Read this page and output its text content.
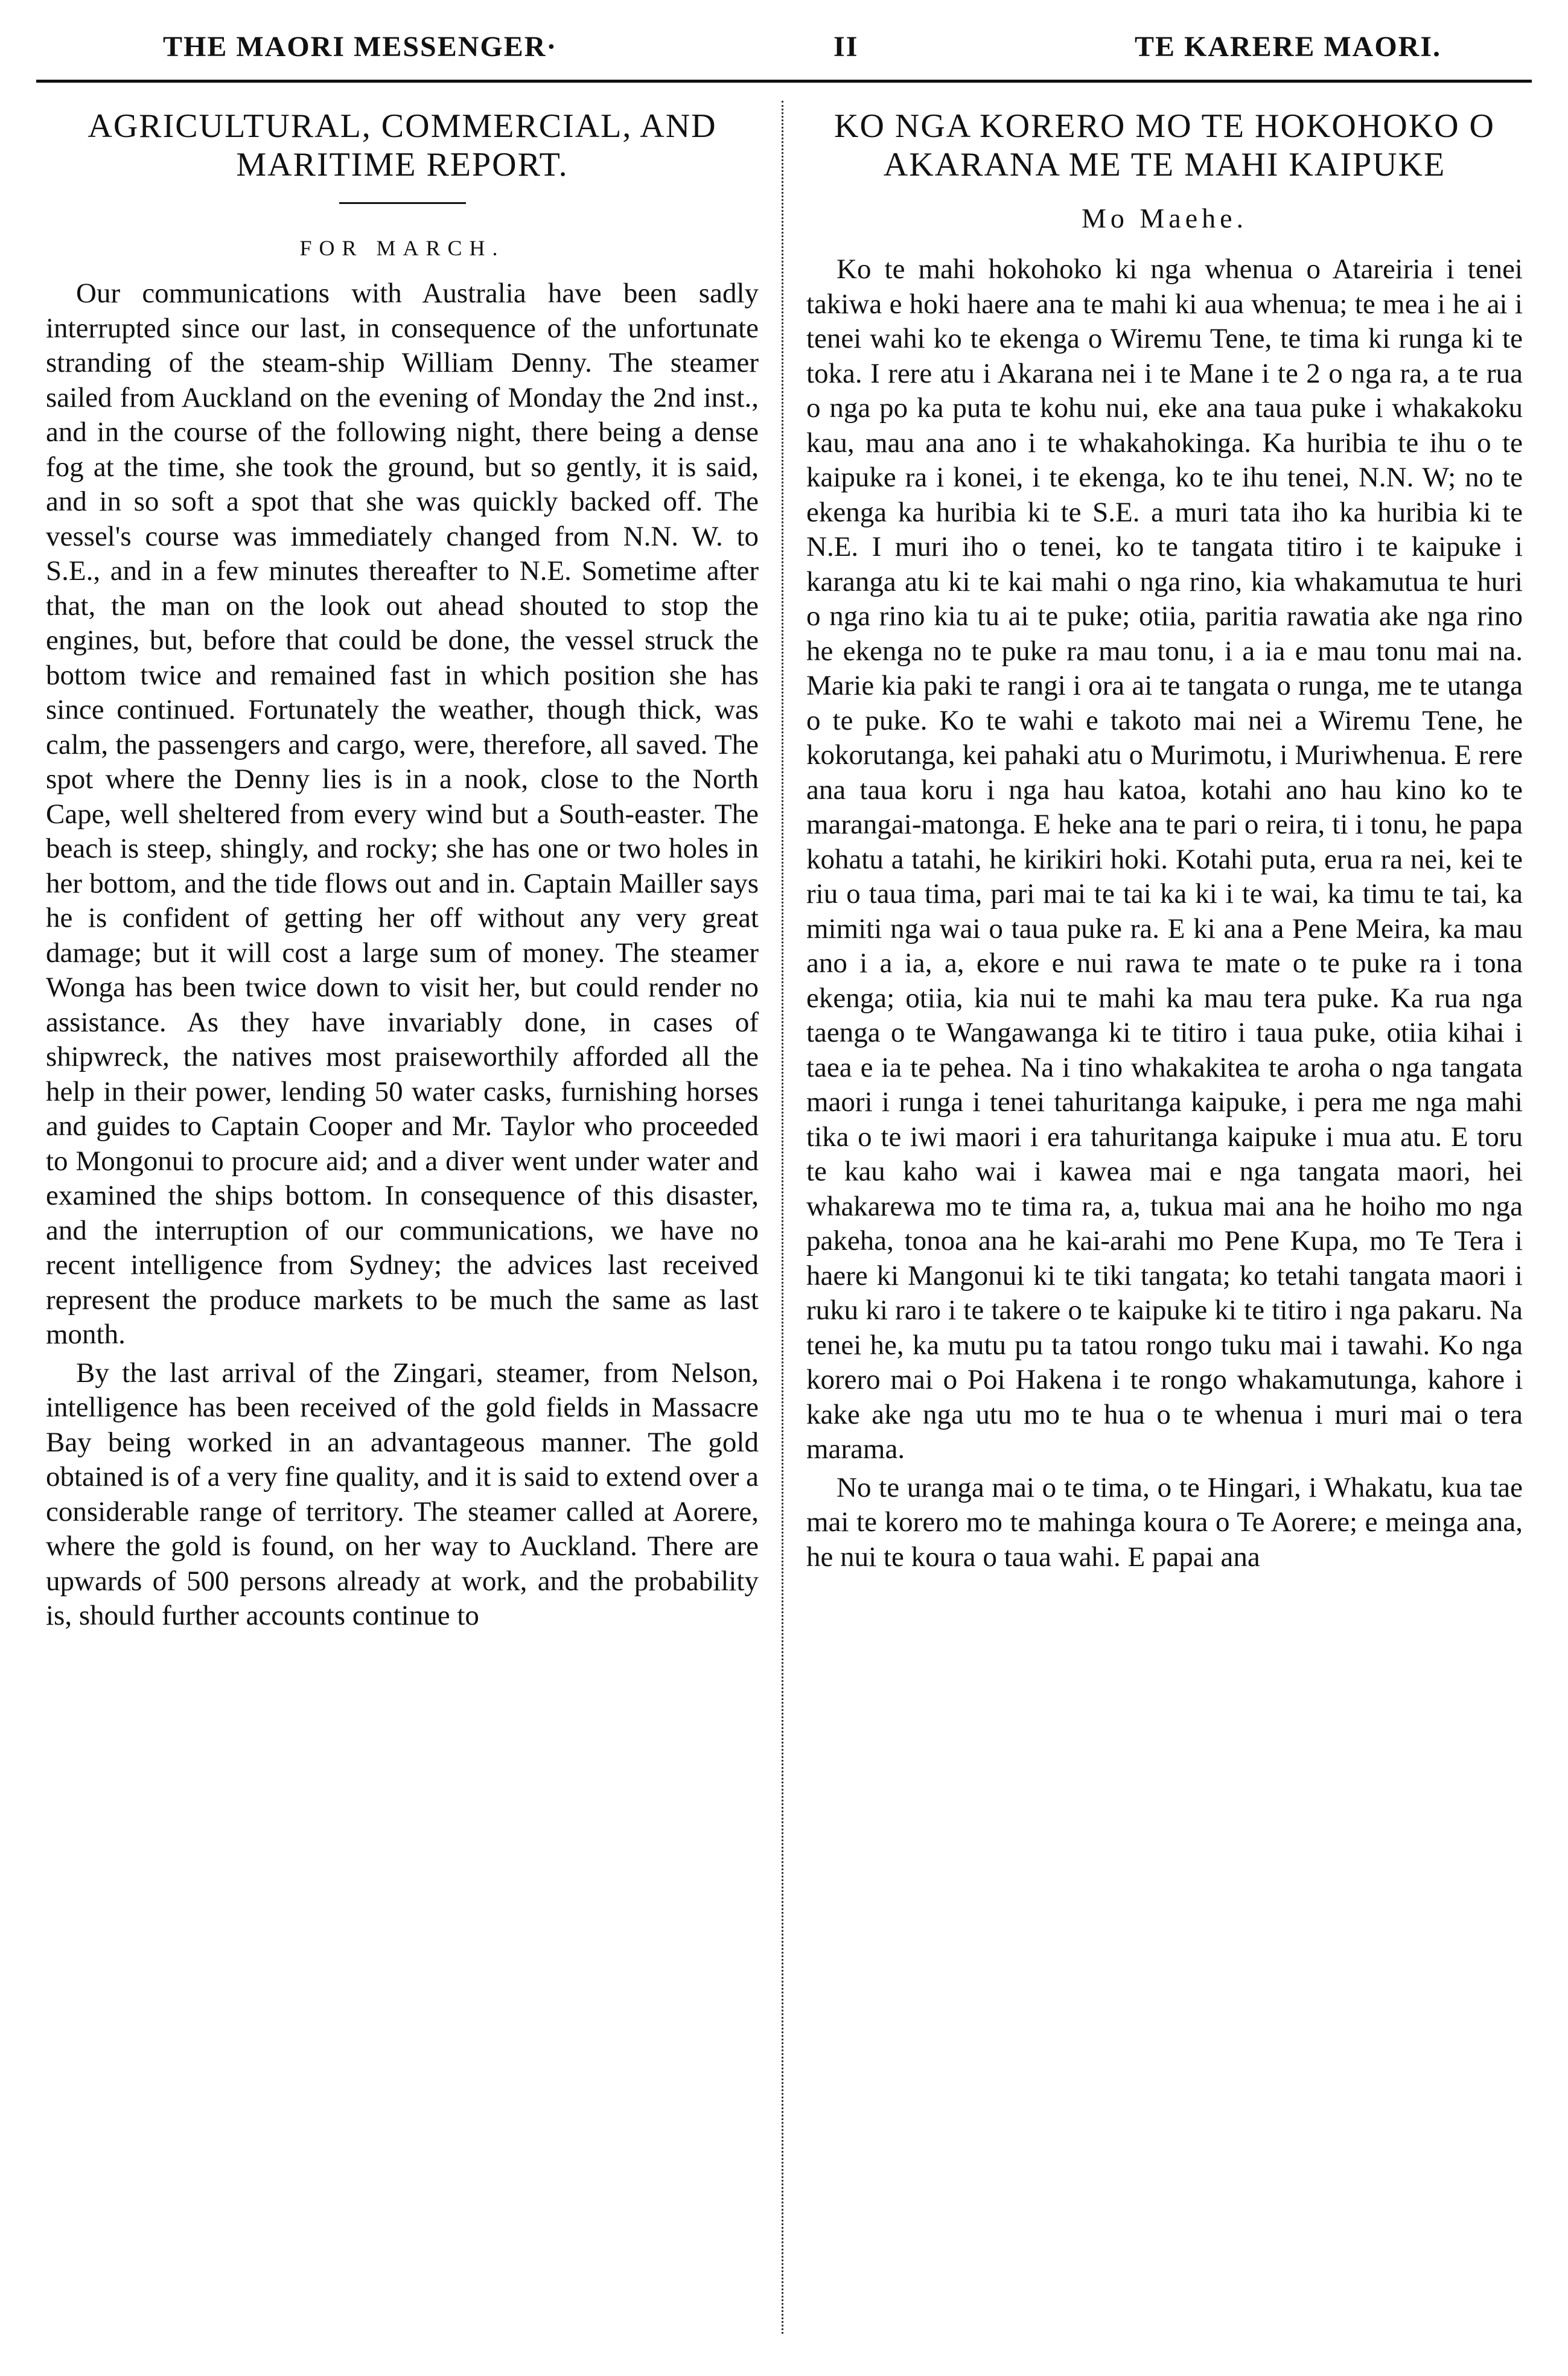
THE MAORI MESSENGER·	II	TE KARERE MAORI.
AGRICULTURAL, COMMERCIAL, AND MARITIME REPORT.
FOR MARCH.

Our communications with Australia have been sadly interrupted since our last, in consequence of the unfortunate stranding of the steam-ship William Denny. The steamer sailed from Auckland on the evening of Monday the 2nd inst., and in the course of the following night, there being a dense fog at the time, she took the ground, but so gently, it is said, and in so soft a spot that she was quickly backed off. The vessel's course was immediately changed from N.N. W. to S.E., and in a few minutes thereafter to N.E. Sometime after that, the man on the look out ahead shouted to stop the engines, but, before that could be done, the vessel struck the bottom twice and remained fast in which position she has since continued. Fortunately the weather, though thick, was calm, the passengers and cargo, were, therefore, all saved. The spot where the Denny lies is in a nook, close to the North Cape, well sheltered from every wind but a South-easter. The beach is steep, shingly, and rocky; she has one or two holes in her bottom, and the tide flows out and in. Captain Mailler says he is confident of getting her off without any very great damage; but it will cost a large sum of money. The steamer Wonga has been twice down to visit her, but could render no assistance. As they have invariably done, in cases of shipwreck, the natives most praiseworthily afforded all the help in their power, lending 50 water casks, furnishing horses and guides to Captain Cooper and Mr. Taylor who proceeded to Mongonui to procure aid; and a diver went under water and examined the ships bottom. In consequence of this disaster, and the interruption of our communications, we have no recent intelligence from Sydney; the advices last received represent the produce markets to be much the same as last month.

By the last arrival of the Zingari, steamer, from Nelson, intelligence has been received of the gold fields in Massacre Bay being worked in an advantageous manner. The gold obtained is of a very fine quality, and it is said to extend over a considerable range of territory. The steamer called at Aorere, where the gold is found, on her way to Auckland. There are upwards of 500 persons already at work, and the probability is, should further accounts continue to

KO NGA KORERO MO TE HOKOHOKO O AKARANA ME TE MAHI KAIPUKE
Mo Maehe.

Ko te mahi hokohoko ki nga whenua o Atareiria i tenei takiwa e hoki haere ana te mahi ki aua whenua; te mea i he ai i tenei wahi ko te ekenga o Wiremu Tene, te tima ki runga ki te toka. I rere atu i Akarana nei i te Mane i te 2 o nga ra, a te rua o nga po ka puta te kohu nui, eke ana taua puke i whakakoku kau, mau ana ano i te whakahokinga. Ka huribia te ihu o te kaipuke ra i konei, i te ekenga, ko te ihu tenei, N.N. W; no te ekenga ka huribia ki te S.E. a muri tata iho ka huribia ki te N.E. I muri iho o tenei, ko te tangata titiro i te kaipuke i karanga atu ki te kai mahi o nga rino, kia whakamutua te huri o nga rino kia tu ai te puke; otiia, paritia rawatia ake nga rino he ekenga no te puke ra mau tonu, i a ia e mau tonu mai na. Marie kia paki te rangi i ora ai te tangata o runga, me te utanga o te puke. Ko te wahi e takoto mai nei a Wiremu Tene, he kokorutanga, kei pahaki atu o Murimotu, i Muriwhenua. E rere ana taua koru i nga hau katoa, kotahi ano hau kino ko te marangai-matonga. E heke ana te pari o reira, ti i tonu, he papa kohatu a tatahi, he kirikiri hoki. Kotahi puta, erua ra nei, kei te riu o taua tima, pari mai te tai ka ki i te wai, ka timu te tai, ka mimiti nga wai o taua puke ra. E ki ana a Pene Meira, ka mau ano i a ia, a, ekore e nui rawa te mate o te puke ra i tona ekenga; otiia, kia nui te mahi ka mau tera puke. Ka rua nga taenga o te Wangawanga ki te titiro i taua puke, otiia kihai i taea e ia te pehea. Na i tino whakakitea te aroha o nga tangata maori i runga i tenei tahuritanga kaipuke, i pera me nga mahi tika o te iwi maori i era tahuritanga kaipuke i mua atu. E toru te kau kaho wai i kawea mai e nga tangata maori, hei whakarewa mo te tima ra, a, tukua mai ana he hoiho mo nga pakeha, tonoa ana he kai-arahi mo Pene Kupa, mo Te Tera i haere ki Mangonui ki te tiki tangata; ko tetahi tangata maori i ruku ki raro i te takere o te kaipuke ki te titiro i nga pakaru. Na tenei he, ka mutu pu ta tatou rongo tuku mai i tawahi. Ko nga korero mai o Poi Hakena i te rongo whakamutunga, kahore i kake ake nga utu mo te hua o te whenua i muri mai o tera marama.

No te uranga mai o te tima, o te Hingari, i Whakatu, kua tae mai te korero mo te mahinga koura o Te Aorere; e meinga ana, he nui te koura o taua wahi. E papai ana
